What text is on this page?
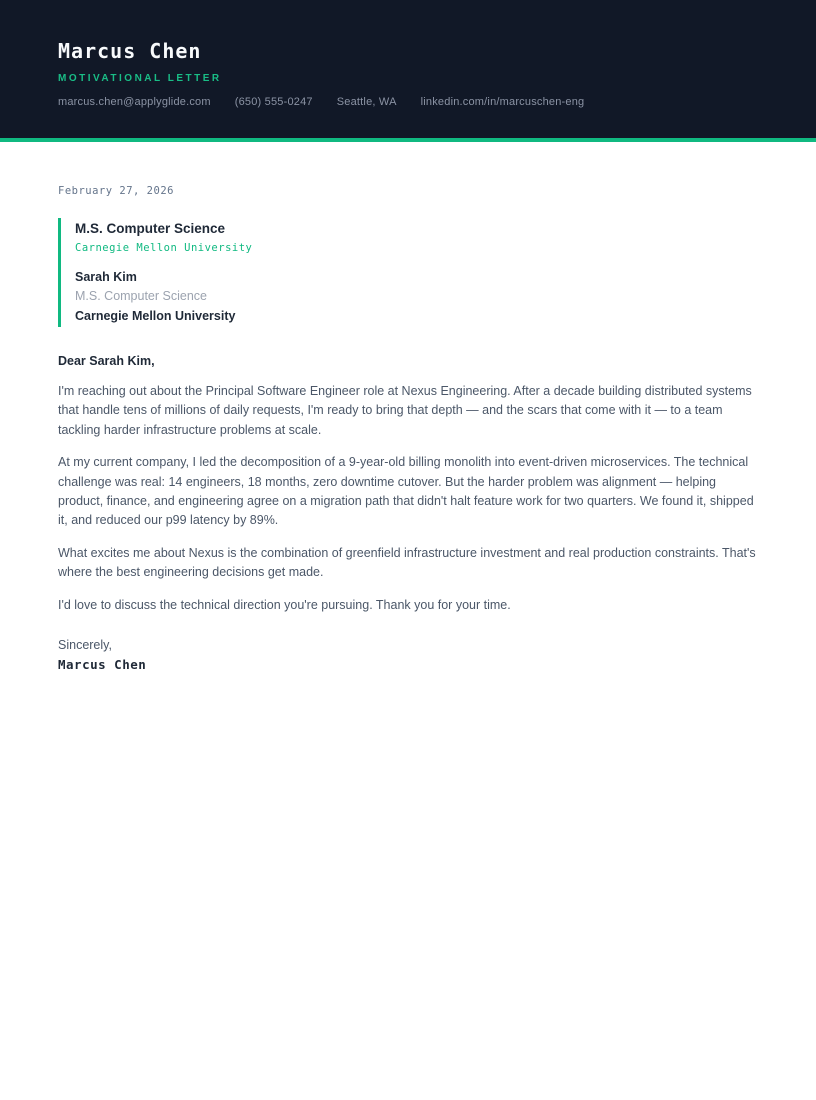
Marcus Chen
MOTIVATIONAL LETTER
marcus.chen@applyglide.com (650) 555-0247 Seattle, WA linkedin.com/in/marcuschen-eng
February 27, 2026
M.S. Computer Science
Carnegie Mellon University
Sarah Kim
M.S. Computer Science
Carnegie Mellon University
Dear Sarah Kim,

I'm reaching out about the Principal Software Engineer role at Nexus Engineering. After a decade building distributed systems that handle tens of millions of daily requests, I'm ready to bring that depth — and the scars that come with it — to a team tackling harder infrastructure problems at scale.

At my current company, I led the decomposition of a 9-year-old billing monolith into event-driven microservices. The technical challenge was real: 14 engineers, 18 months, zero downtime cutover. But the harder problem was alignment — helping product, finance, and engineering agree on a migration path that didn't halt feature work for two quarters. We found it, shipped it, and reduced our p99 latency by 89%.

What excites me about Nexus is the combination of greenfield infrastructure investment and real production constraints. That's where the best engineering decisions get made.

I'd love to discuss the technical direction you're pursuing. Thank you for your time.

Sincerely,
Marcus Chen
